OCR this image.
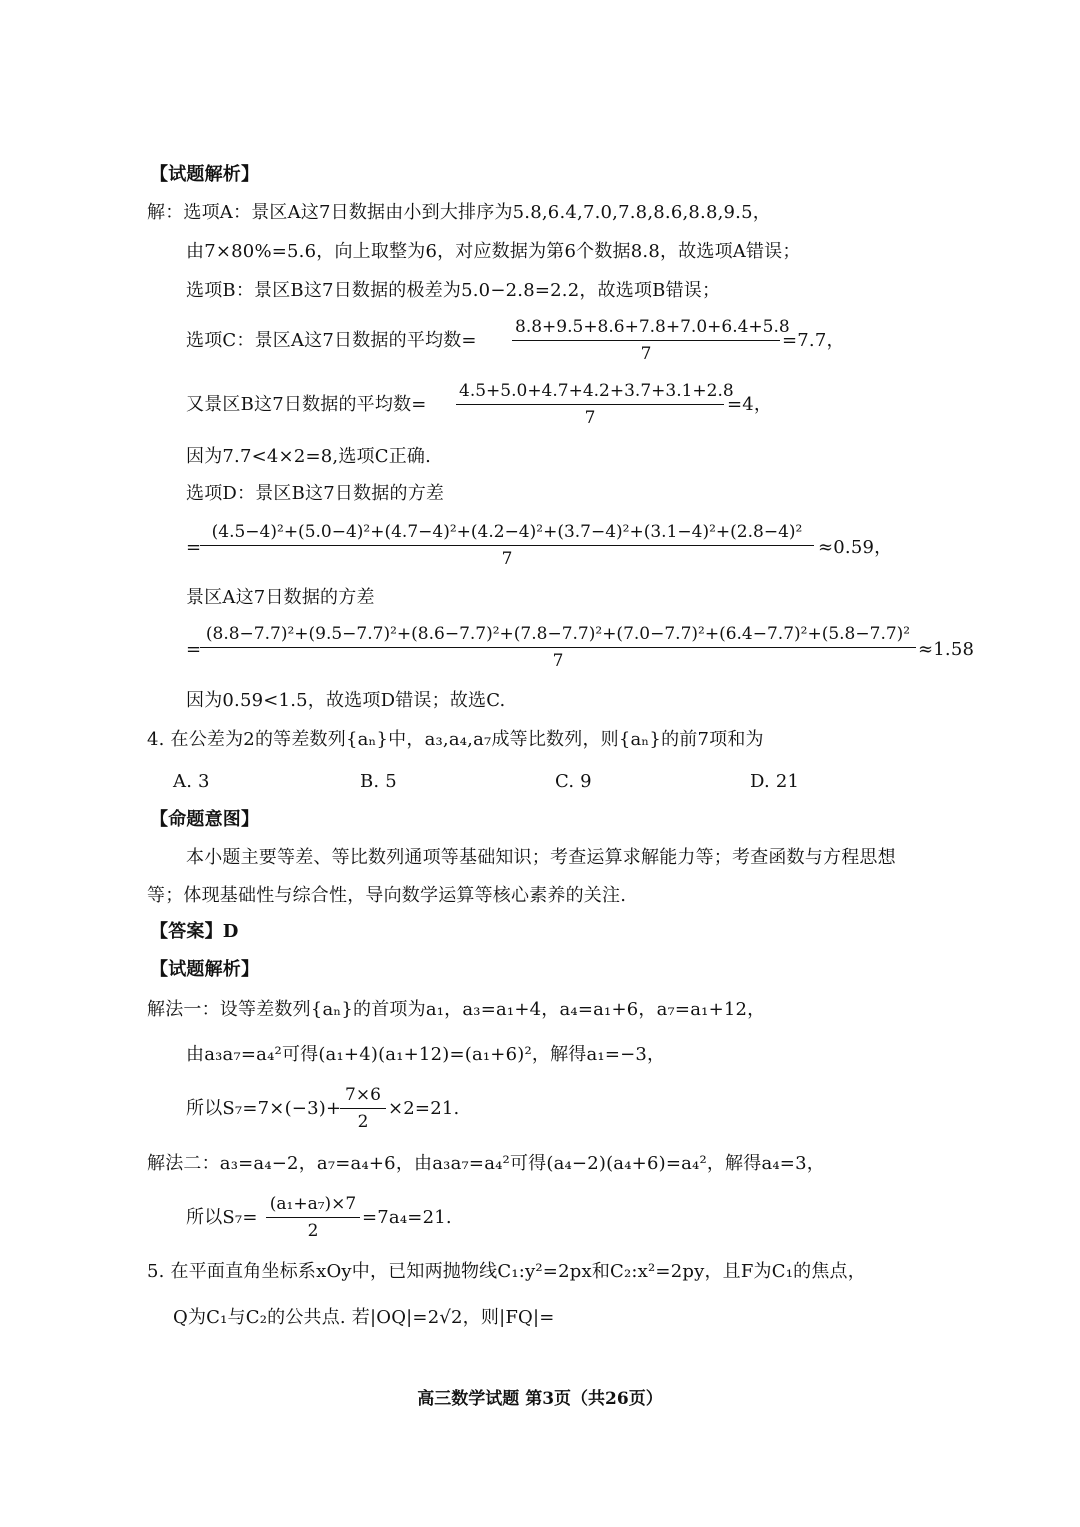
【试题解析】
解：选项A：景区A这7日数据由小到大排序为5.8,6.4,7.0,7.8,8.6,8.8,9.5，
由7×80%=5.6，向上取整为6，对应数据为第6个数据8.8，故选项A错误；
选项B：景区B这7日数据的极差为5.0−2.8=2.2，故选项B错误；
选项C：景区A这7日数据的平均数= $\frac{8.8+9.5+8.6+7.8+7.0+6.4+5.8}{7} =7.7$，
又景区B这7日数据的平均数= $\frac{4.5+5.0+4.7+4.2+3.7+3.1+2.8}{7} =4$，
因为7.7<4×2=8,选项C正确.
选项D：景区B这7日数据的方差
=
(4.5−4)²+(5.0−4)²+(4.7−4)²+(4.2−4)²+(3.7−4)²+(3.1−4)²+(2.8−4)²
7
≈0.59，
景区A这7日数据的方差
=
(8.8−7.7)²+(9.5−7.7)²+(8.6−7.7)²+(7.8−7.7)²+(7.0−7.7)²+(6.4−7.7)²+(5.8−7.7)²
7
≈1.58
因为0.59<1.5，故选项D错误；故选C.
4. 在公差为2的等差数列{aₙ}中，a₃,a₄,a₇成等比数列，则{aₙ}的前7项和为
A. 3	B. 5	C. 9	D. 21
【命题意图】
本小题主要等差、等比数列通项等基础知识；考查运算求解能力等；考查函数与方程思想
等；体现基础性与综合性，导向数学运算等核心素养的关注.
【答案】D
【试题解析】
解法一：设等差数列{aₙ}的首项为a₁，a₃=a₁+4，a₄=a₁+6，a₇=a₁+12，
由a₃a₇=a₄²可得(a₁+4)(a₁+12)=(a₁+6)²，解得a₁=−3，
所以S₇=7×(−3)+
$\frac{7\times 6}{2} \times 2=21$.
解法二：a₃=a₄−2，a₇=a₄+6，由a₃a₇=a₄²可得(a₄−2)(a₄+6)=a₄²，解得a₄=3，
所以$S_7= \frac{\text{(a₁+a₇)×7}}{2} =7a_4=21$.
5. 在平面直角坐标系xOy中，已知两抛物线C₁:y²=2px和C₂:x²=2py，且F为C₁的焦点，
Q为C₁与C₂的公共点. 若|OQ|=2√2，则|FQ|=
高三数学试题 第3页（共26页）
